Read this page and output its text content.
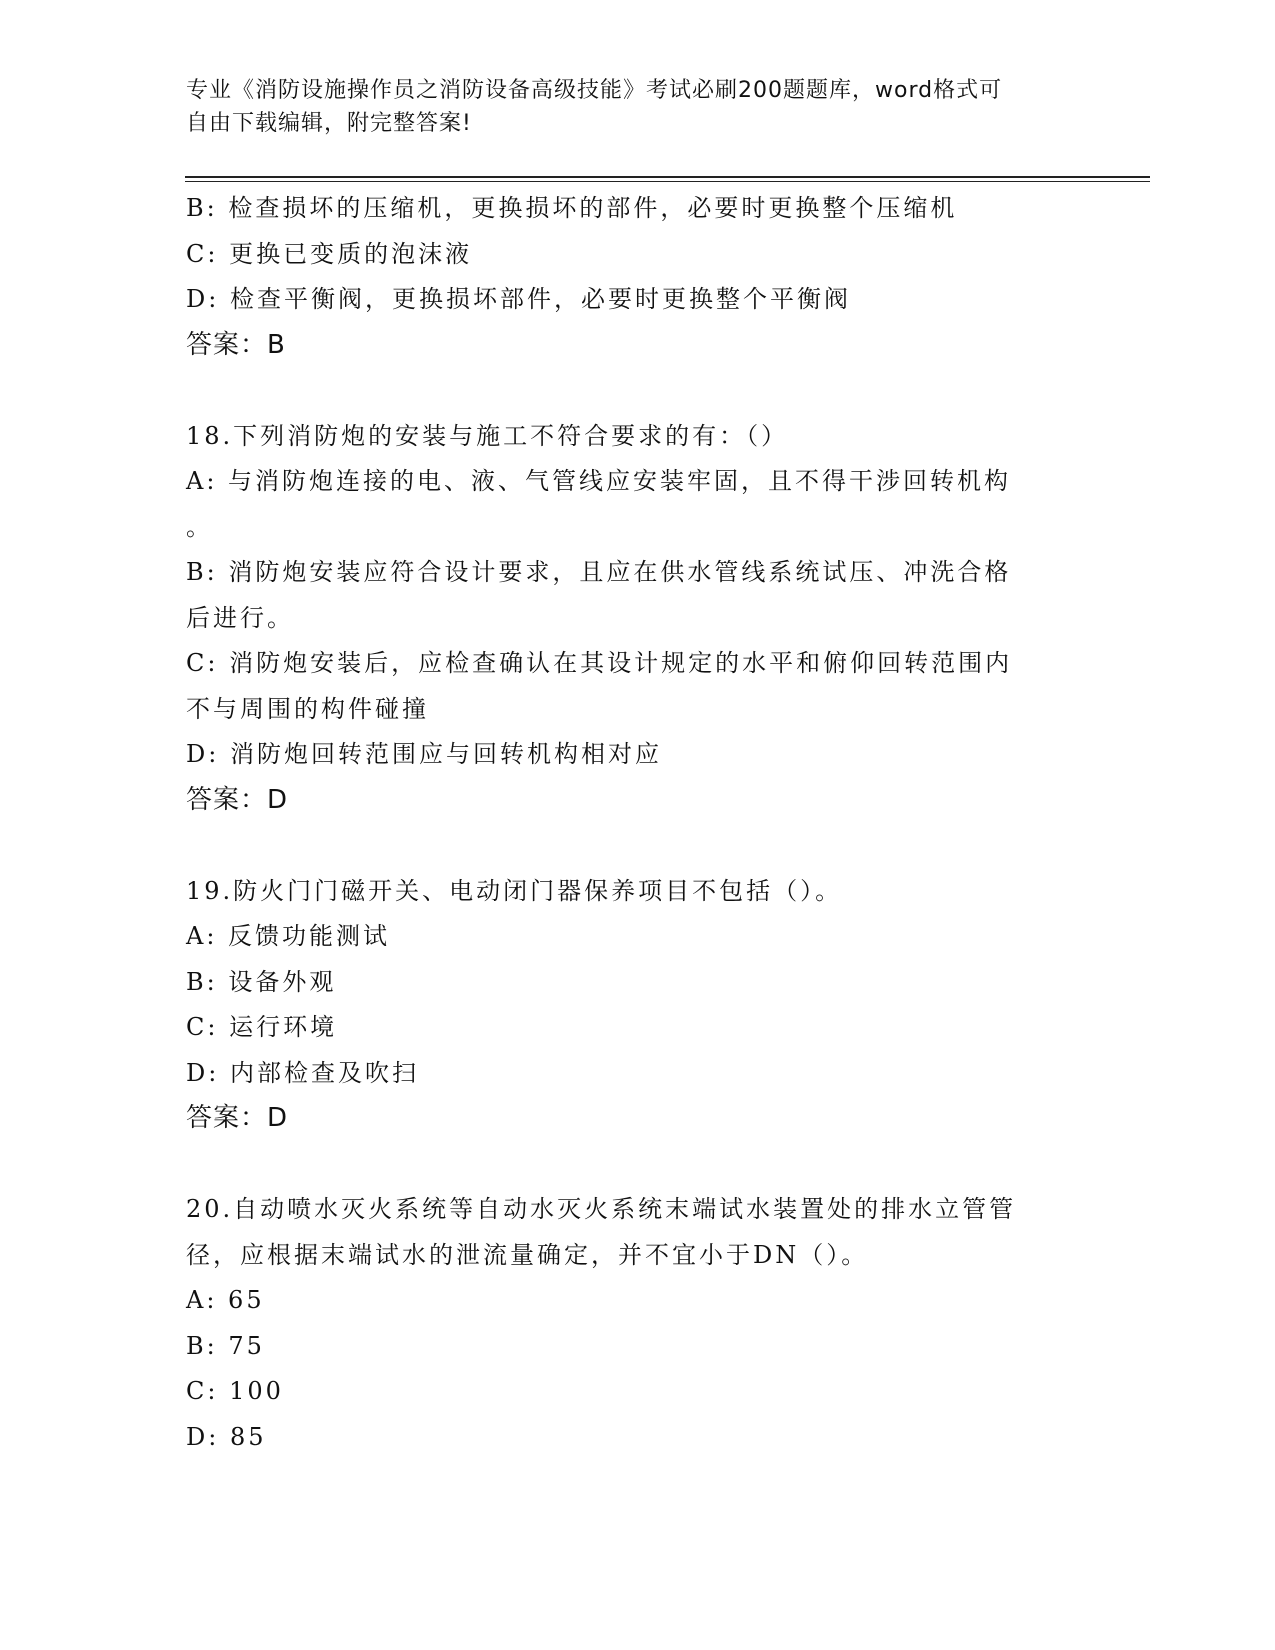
专业《消防设施操作员之消防设备高级技能》考试必刷200题题库，word格式可
自由下载编辑，附完整答案!
B: 检查损坏的压缩机，更换损坏的部件，必要时更换整个压缩机
C: 更换已变质的泡沫液
D: 检查平衡阀，更换损坏部件，必要时更换整个平衡阀
答案：B
18.下列消防炮的安装与施工不符合要求的有：（）
A: 与消防炮连接的电、液、气管线应安装牢固，且不得干涉回转机构
。
B: 消防炮安装应符合设计要求，且应在供水管线系统试压、冲洗合格
后进行。
C: 消防炮安装后，应检查确认在其设计规定的水平和俯仰回转范围内
不与周围的构件碰撞
D: 消防炮回转范围应与回转机构相对应
答案：D
19.防火门门磁开关、电动闭门器保养项目不包括（）。
A: 反馈功能测试
B: 设备外观
C: 运行环境
D: 内部检查及吹扫
答案：D
20.自动喷水灭火系统等自动水灭火系统末端试水装置处的排水立管管
径，应根据末端试水的泄流量确定，并不宜小于DN（）。
A: 65
B: 75
C: 100
D: 85
